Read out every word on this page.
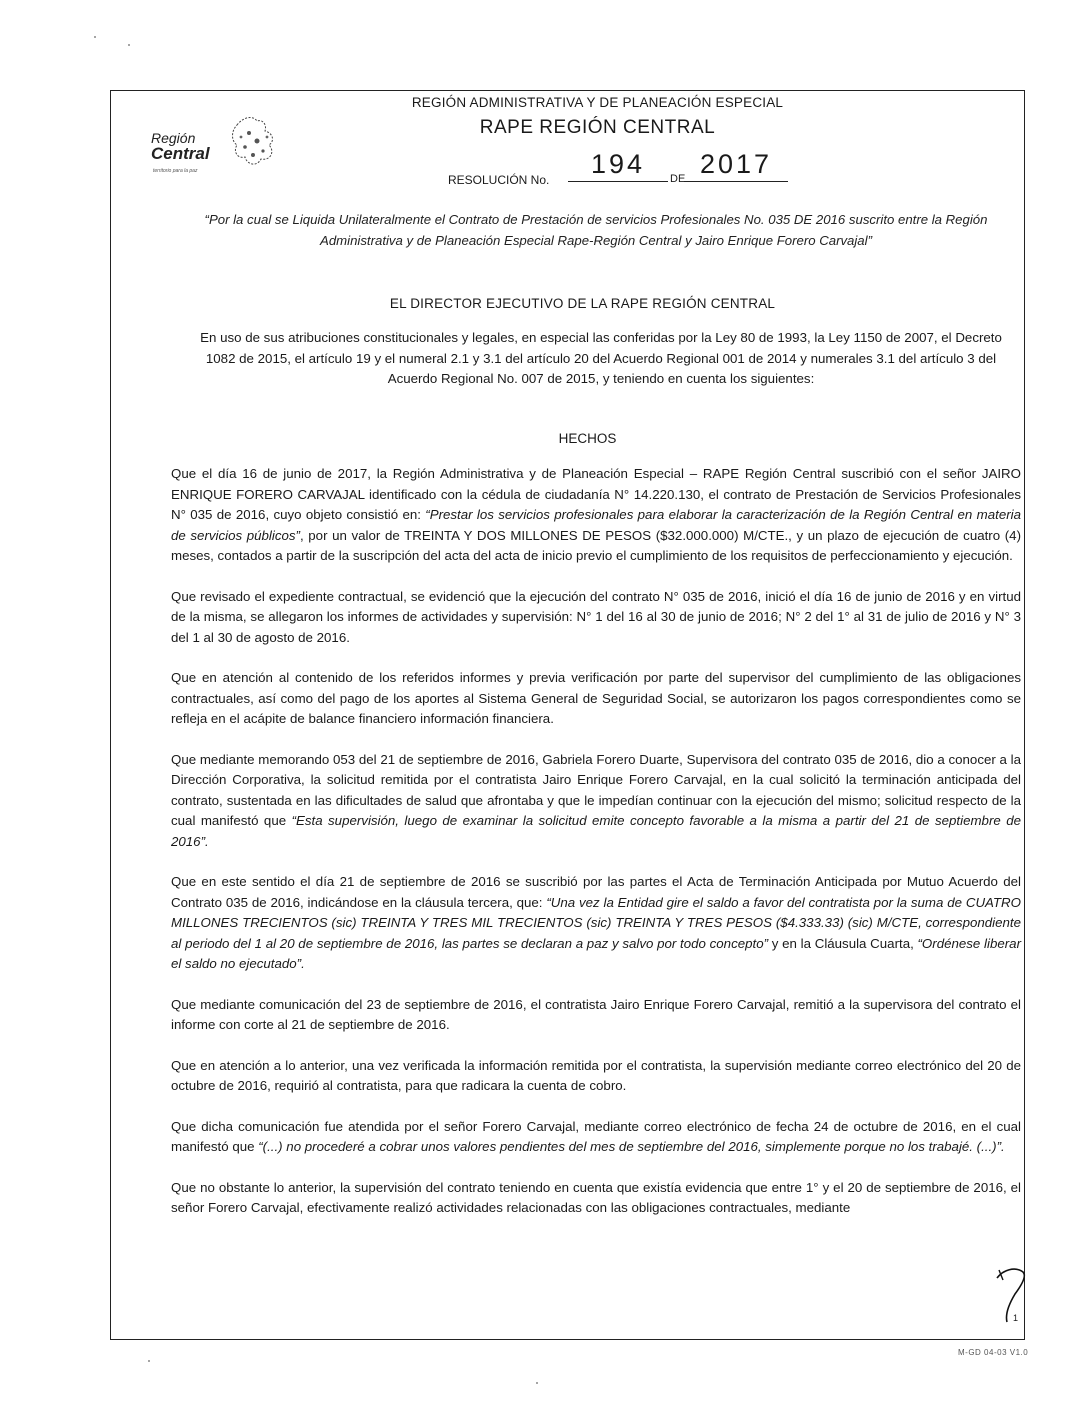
Región
Central
territorio para la paz
REGIÓN ADMINISTRATIVA Y DE PLANEACIÓN ESPECIAL
RAPE REGIÓN CENTRAL
RESOLUCIÓN No.
194	DE 2017
“Por la cual se Liquida Unilateralmente el Contrato de Prestación de servicios Profesionales No. 035 DE 2016 suscrito entre la Región Administrativa y de Planeación Especial Rape-Región Central y Jairo Enrique Forero Carvajal”
EL DIRECTOR EJECUTIVO DE LA RAPE REGIÓN CENTRAL
En uso de sus atribuciones constitucionales y legales, en especial las conferidas por la Ley 80 de 1993, la Ley 1150 de 2007, el Decreto 1082 de 2015, el artículo 19 y el numeral 2.1 y 3.1 del artículo 20 del Acuerdo Regional 001 de 2014 y numerales 3.1 del artículo 3 del Acuerdo Regional No. 007 de 2015, y teniendo en cuenta los siguientes:
HECHOS

Que el día 16 de junio de 2017, la Región Administrativa y de Planeación Especial – RAPE Región Central suscribió con el señor JAIRO ENRIQUE FORERO CARVAJAL identificado con la cédula de ciudadanía N° 14.220.130, el contrato de Prestación de Servicios Profesionales N° 035 de 2016, cuyo objeto consistió en: “Prestar los servicios profesionales para elaborar la caracterización de la Región Central en materia de servicios públicos”, por un valor de TREINTA Y DOS MILLONES DE PESOS ($32.000.000) M/CTE., y un plazo de ejecución de cuatro (4) meses, contados a partir de la suscripción del acta del acta de inicio previo el cumplimiento de los requisitos de perfeccionamiento y ejecución.

Que revisado el expediente contractual, se evidenció que la ejecución del contrato N° 035 de 2016, inició el día 16 de junio de 2016 y en virtud de la misma, se allegaron los informes de actividades y supervisión: N° 1 del 16 al 30 de junio de 2016; N° 2 del 1° al 31 de julio de 2016 y N° 3 del 1 al 30 de agosto de 2016.

Que en atención al contenido de los referidos informes y previa verificación por parte del supervisor del cumplimiento de las obligaciones contractuales, así como del pago de los aportes al Sistema General de Seguridad Social, se autorizaron los pagos correspondientes como se refleja en el acápite de balance financiero información financiera.

Que mediante memorando 053 del 21 de septiembre de 2016, Gabriela Forero Duarte, Supervisora del contrato 035 de 2016, dio a conocer a la Dirección Corporativa, la solicitud remitida por el contratista Jairo Enrique Forero Carvajal, en la cual solicitó la terminación anticipada del contrato, sustentada en las dificultades de salud que afrontaba y que le impedían continuar con la ejecución del mismo; solicitud respecto de la cual manifestó que “Esta supervisión, luego de examinar la solicitud emite concepto favorable a la misma a partir del 21 de septiembre de 2016”.

Que en este sentido el día 21 de septiembre de 2016 se suscribió por las partes el Acta de Terminación Anticipada por Mutuo Acuerdo del Contrato 035 de 2016, indicándose en la cláusula tercera, que: “Una vez la Entidad gire el saldo a favor del contratista por la suma de CUATRO MILLONES TRECIENTOS (sic) TREINTA Y TRES MIL TRECIENTOS (sic) TREINTA Y TRES PESOS ($4.333.33) (sic) M/CTE, correspondiente al periodo del 1 al 20 de septiembre de 2016, las partes se declaran a paz y salvo por todo concepto” y en la Cláusula Cuarta, “Ordénese liberar el saldo no ejecutado”.

Que mediante comunicación del 23 de septiembre de 2016, el contratista Jairo Enrique Forero Carvajal, remitió a la supervisora del contrato el informe con corte al 21 de septiembre de 2016.

Que en atención a lo anterior, una vez verificada la información remitida por el contratista, la supervisión mediante correo electrónico del 20 de octubre de 2016, requirió al contratista, para que radicara la cuenta de cobro.

Que dicha comunicación fue atendida por el señor Forero Carvajal, mediante correo electrónico de fecha 24 de octubre de 2016, en el cual manifestó que “(...) no procederé a cobrar unos valores pendientes del mes de septiembre del 2016, simplemente porque no los trabajé. (...)”.

Que no obstante lo anterior, la supervisión del contrato teniendo en cuenta que existía evidencia que entre 1° y el 20 de septiembre de 2016, el señor Forero Carvajal, efectivamente realizó actividades relacionadas con las obligaciones contractuales, mediante

1
M-GD 04-03 V1.0
